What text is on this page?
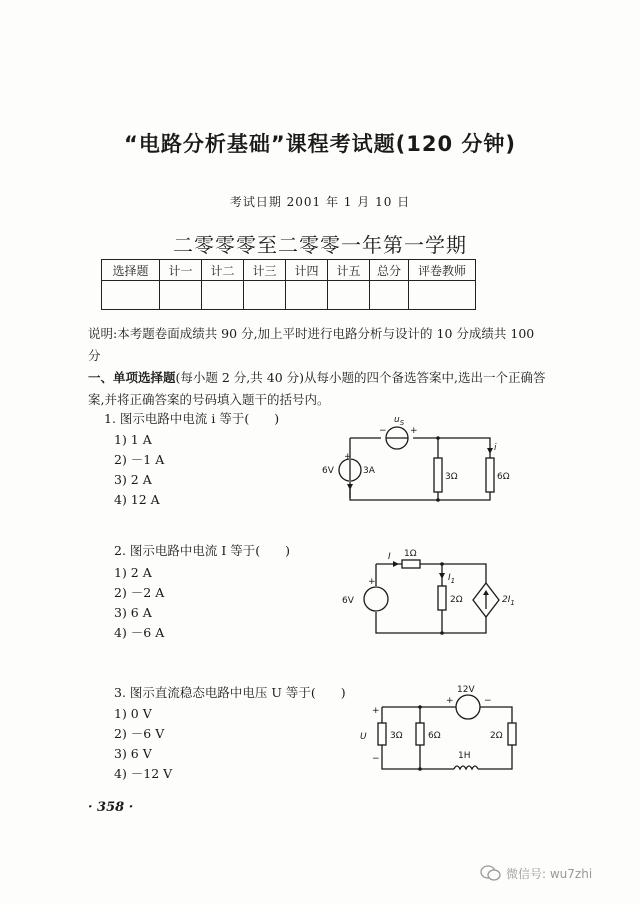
“电路分析基础”课程考试题(120 分钟)
考试日期 2001 年 1 月 10 日
二零零零至二零零一年第一学期
选择题	计一	计二	计三	计四	计五	总分	评卷教师

说明:本考题卷面成绩共 90 分,加上平时进行电路分析与设计的 10 分成绩共 100 分
一、单项选择题(每小题 2 分,共 40 分)从每小题的四个备选答案中,选出一个正确答案,并将正确答案的号码填入题干的括号内。
1. 图示电路中电流 i 等于(　　)
1) 1 A
2) －1 A
3) 2 A
4) 12 A
2. 图示电路中电流 I 等于(　　)
1) 2 A
2) －2 A
3) 6 A
4) －6 A
3. 图示直流稳态电路中电压 U 等于(　　)
1) 0 V
2) －6 V
3) 6 V
4) －12 V
$u_S$
−	+
+
6V	3A
3Ω	6Ω
i
I 1Ω
$I_1$
+
6V	2Ω	$2I_1$
12V
+	−
+
U
−
3Ω	6Ω	2Ω
1H
· 358 ·
微信号: wu7zhi
